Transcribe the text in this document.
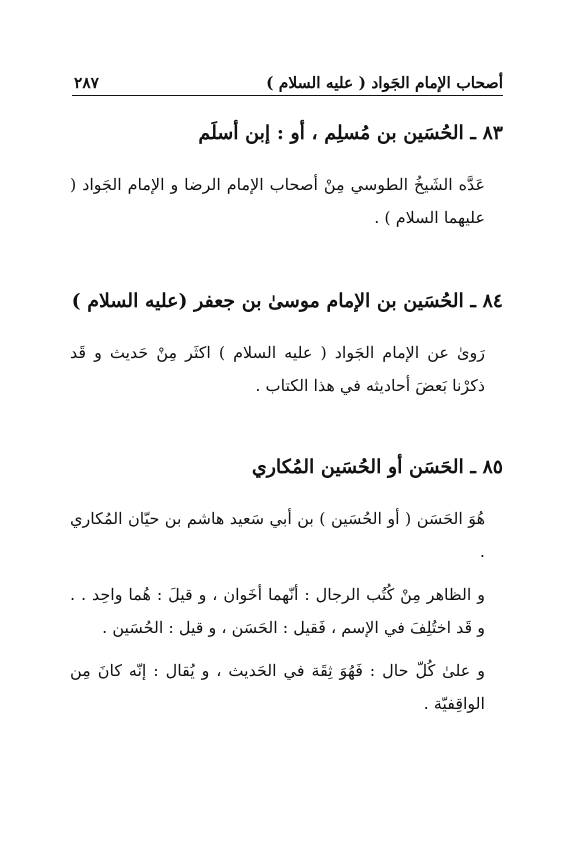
أصحاب الإمام الجَواد ( عليه السلام )
٢٨٧
٨٣ ـ الحُسَين بن مُسلِم ، أو : إبن أسلَم

عَدَّه الشَيخُ الطوسي مِنْ أصحاب الإمام الرضا و الإمام الجَواد ( عليهما السلام ) .

٨٤ ـ الحُسَين بن الإمام موسىٰ بن جعفر (عليه السلام )

رَوىٰ عن الإمام الجَواد ( عليه السلام ) اكثَر مِنْ حَديث و قَد ذكرْنا بَعضَ أحاديثه في هذا الكتاب .

٨٥ ـ الحَسَن أو الحُسَين المُكاري

هُوَ الحَسَن ( أو الحُسَين ) بن أبي سَعيد هاشم بن حيّان المُكاري .

و الظاهر مِنْ كُتُب الرجال : أنّهما أخَوان ، و قيلَ : هُما واحِد . . و قَد اختُلِفَ في الإسم ، فَقيل : الحَسَن ، و قيل : الحُسَين .

و علىٰ كُلّ حال : فَهُوَ ثِقَة في الحَديث ، و يُقال : إنّه كانَ مِن الواقِفيّة .
